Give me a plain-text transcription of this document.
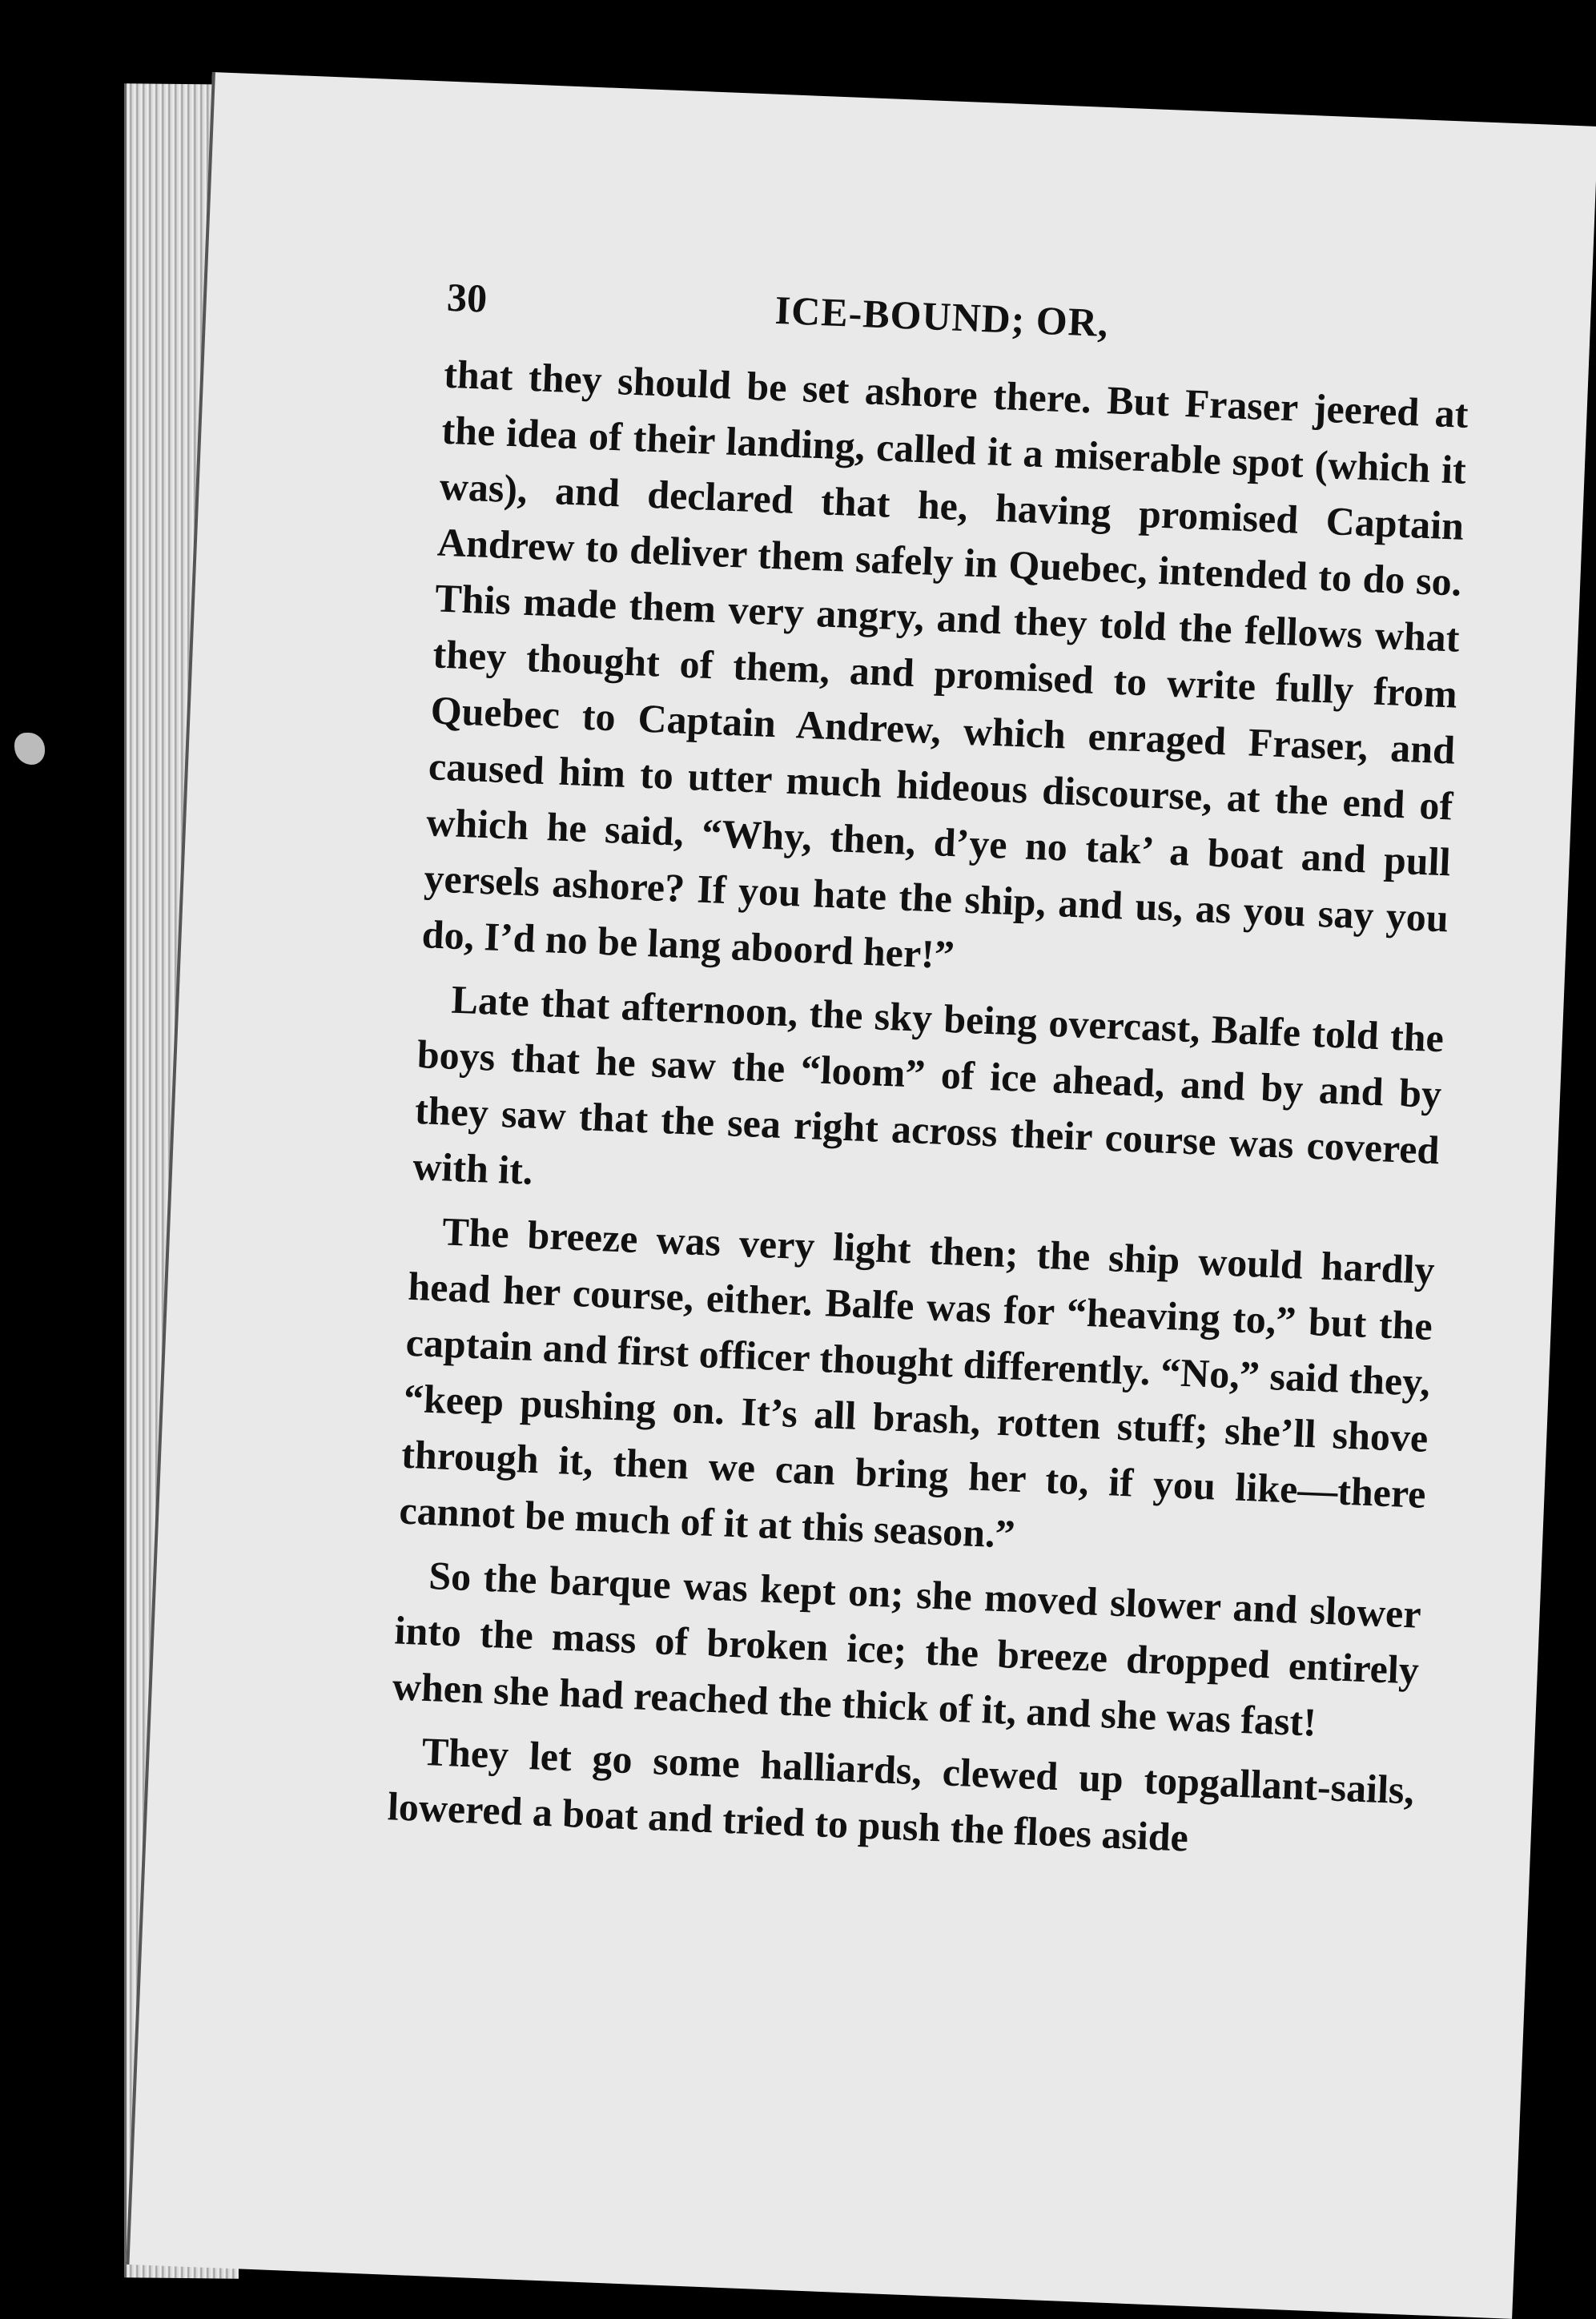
30	ICE-BOUND; OR,

that they should be set ashore there. But Fraser jeered at the idea of their landing, called it a miserable spot (which it was), and declared that he, having promised Captain Andrew to deliver them safely in Quebec, intended to do so. This made them very angry, and they told the fellows what they thought of them, and promised to write fully from Quebec to Captain Andrew, which enraged Fraser, and caused him to utter much hideous discourse, at the end of which he said, “Why, then, d’ye no tak’ a boat and pull yersels ashore? If you hate the ship, and us, as you say you do, I’d no be lang aboord her!”

Late that afternoon, the sky being overcast, Balfe told the boys that he saw the “loom” of ice ahead, and by and by they saw that the sea right across their course was covered with it.

The breeze was very light then; the ship would hardly head her course, either. Balfe was for “heaving to,” but the captain and first officer thought differently. “No,” said they, “keep pushing on. It’s all brash, rotten stuff; she’ll shove through it, then we can bring her to, if you like—there cannot be much of it at this season.”

So the barque was kept on; she moved slower and slower into the mass of broken ice; the breeze dropped entirely when she had reached the thick of it, and she was fast!

They let go some halliards, clewed up topgallant-sails, lowered a boat and tried to push the floes aside
